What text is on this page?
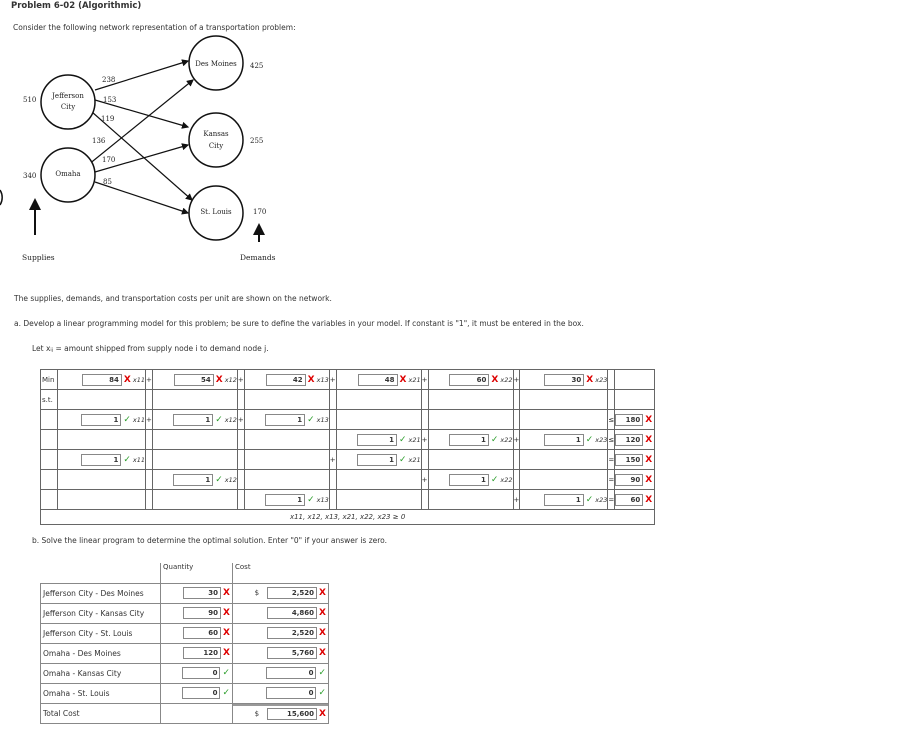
Problem 6-02 (Algorithmic)
Consider the following network representation of a transportation problem:
Jefferson
City
Omaha
Des Moines
Kansas
City
St. Louis
510
340
425
255
170
238
153
119
136
170
85
Supplies	Demands
The supplies, demands, and transportation costs per unit are shown on the network.
a. Develop a linear programming model for this problem; be sure to define the variables in your model. If constant is "1", it must be entered in the box.
Let xᵢⱼ = amount shipped from supply node i to demand node j.
Min	84 X x11	+	54 X x12	+	42 X x13	+	48 X x21	+	60 X x22	+	30 X x23		

s.t.													

	1 ✓ x11	+	1 ✓ x12	+	1 ✓ x13							≤	180 X

							1 ✓ x21	+	1 ✓ x22	+	1 ✓ x23	≤	120 X

	1 ✓ x11					+	1 ✓ x21					=	150 X

			1 ✓ x12					+	1 ✓ x22			=	90 X

					1 ✓ x13					+	1 ✓ x23	=	60 X

x11, x12, x13, x21, x22, x23 ≥ 0													
b. Solve the linear program to determine the optimal solution. Enter "0" if your answer is zero.
	Quantity	Cost
Jefferson City - Des Moines	30 X	$ 2,520 X

Jefferson City - Kansas City	90 X	4,860 X

Jefferson City - St. Louis	60 X	2,520 X

Omaha - Des Moines	120 X	5,760 X

Omaha - Kansas City	0 ✓	0 ✓

Omaha - St. Louis	0 ✓	0 ✓

Total Cost		$ 15,600 X
